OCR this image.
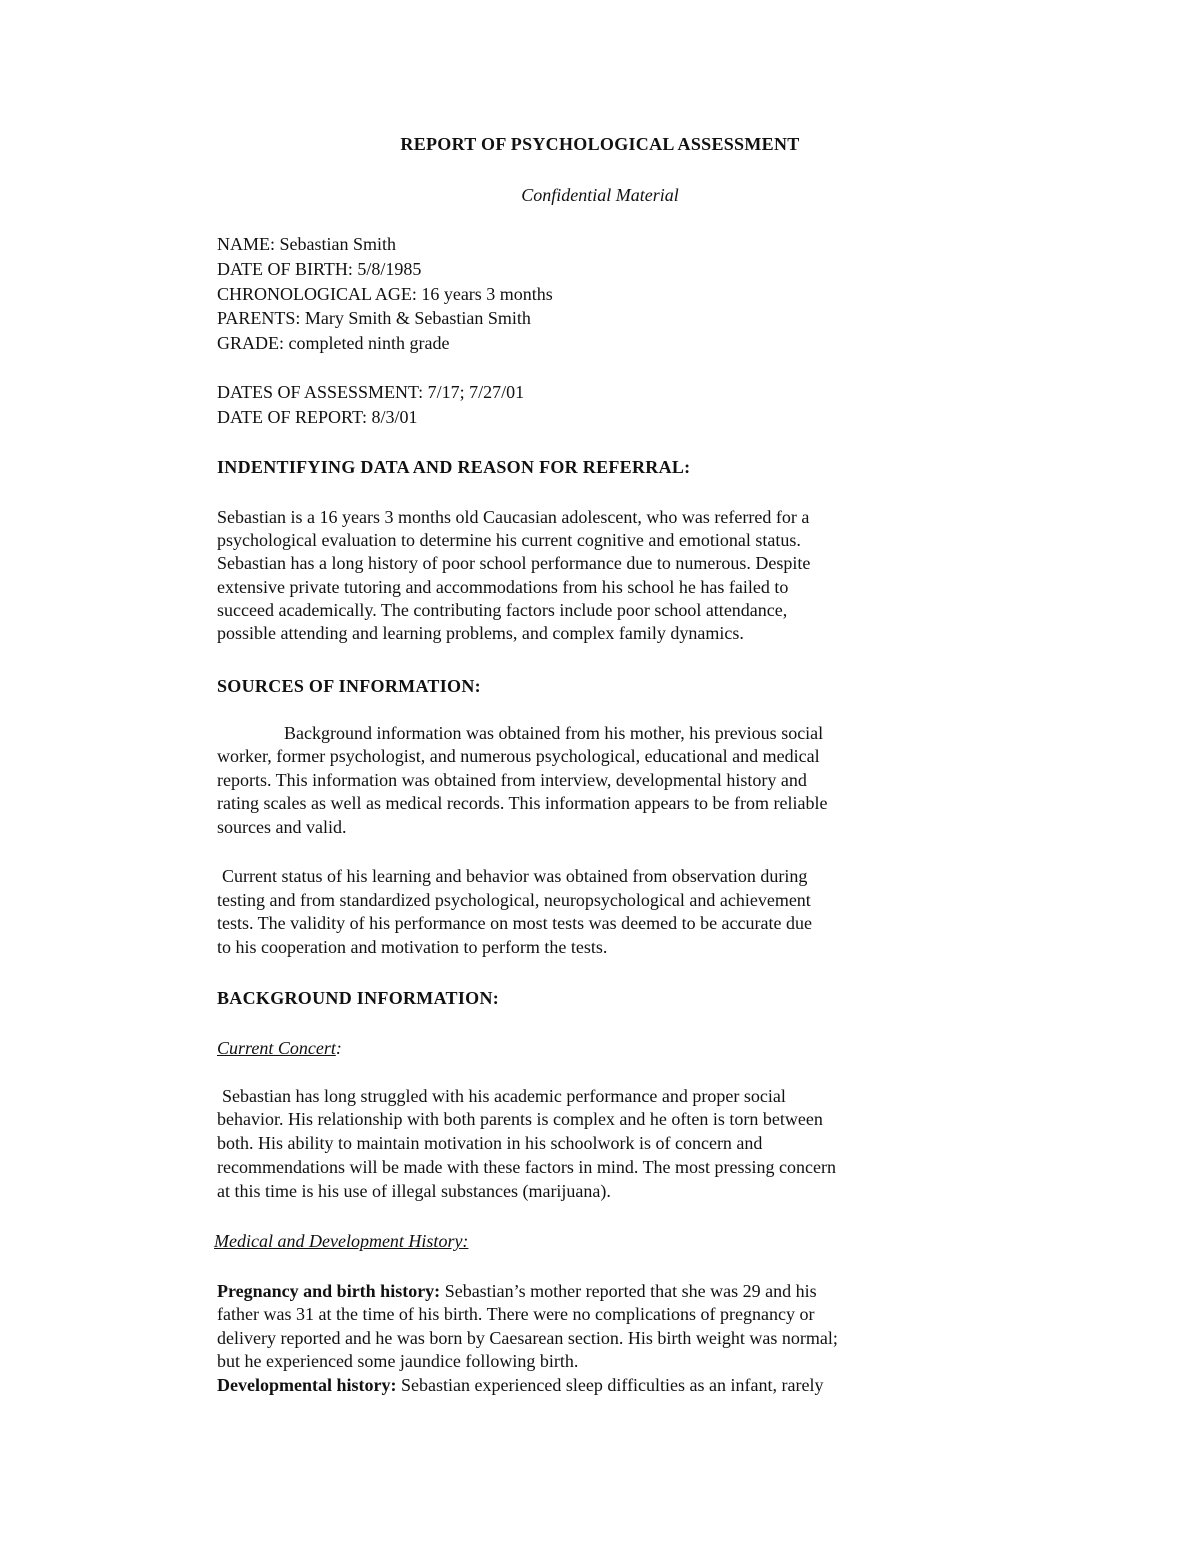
REPORT OF PSYCHOLOGICAL ASSESSMENT

Confidential Material

NAME: Sebastian Smith

DATE OF BIRTH: 5/8/1985

CHRONOLOGICAL AGE: 16 years 3 months

PARENTS: Mary Smith & Sebastian Smith

GRADE: completed ninth grade

DATES OF ASSESSMENT: 7/17; 7/27/01

DATE OF REPORT: 8/3/01

INDENTIFYING DATA AND REASON FOR REFERRAL:

Sebastian is a 16 years 3 months old Caucasian adolescent, who was referred for a

psychological evaluation to determine his current cognitive and emotional status.

Sebastian has a long history of poor school performance due to numerous. Despite

extensive private tutoring and accommodations from his school he has failed to

succeed academically. The contributing factors include poor school attendance,

possible attending and learning problems, and complex family dynamics.

SOURCES OF INFORMATION:

Background information was obtained from his mother, his previous social

worker, former psychologist, and numerous psychological, educational and medical

reports. This information was obtained from interview, developmental history and

rating scales as well as medical records. This information appears to be from reliable

sources and valid.

Current status of his learning and behavior was obtained from observation during

testing and from standardized psychological, neuropsychological and achievement

tests. The validity of his performance on most tests was deemed to be accurate due

to his cooperation and motivation to perform the tests.

BACKGROUND INFORMATION:

Current Concert:

Sebastian has long struggled with his academic performance and proper social

behavior. His relationship with both parents is complex and he often is torn between

both. His ability to maintain motivation in his schoolwork is of concern and

recommendations will be made with these factors in mind. The most pressing concern

at this time is his use of illegal substances (marijuana).

Medical and Development History:

Pregnancy and birth history: Sebastian’s mother reported that she was 29 and his

father was 31 at the time of his birth. There were no complications of pregnancy or

delivery reported and he was born by Caesarean section. His birth weight was normal;

but he experienced some jaundice following birth.

Developmental history: Sebastian experienced sleep difficulties as an infant, rarely
